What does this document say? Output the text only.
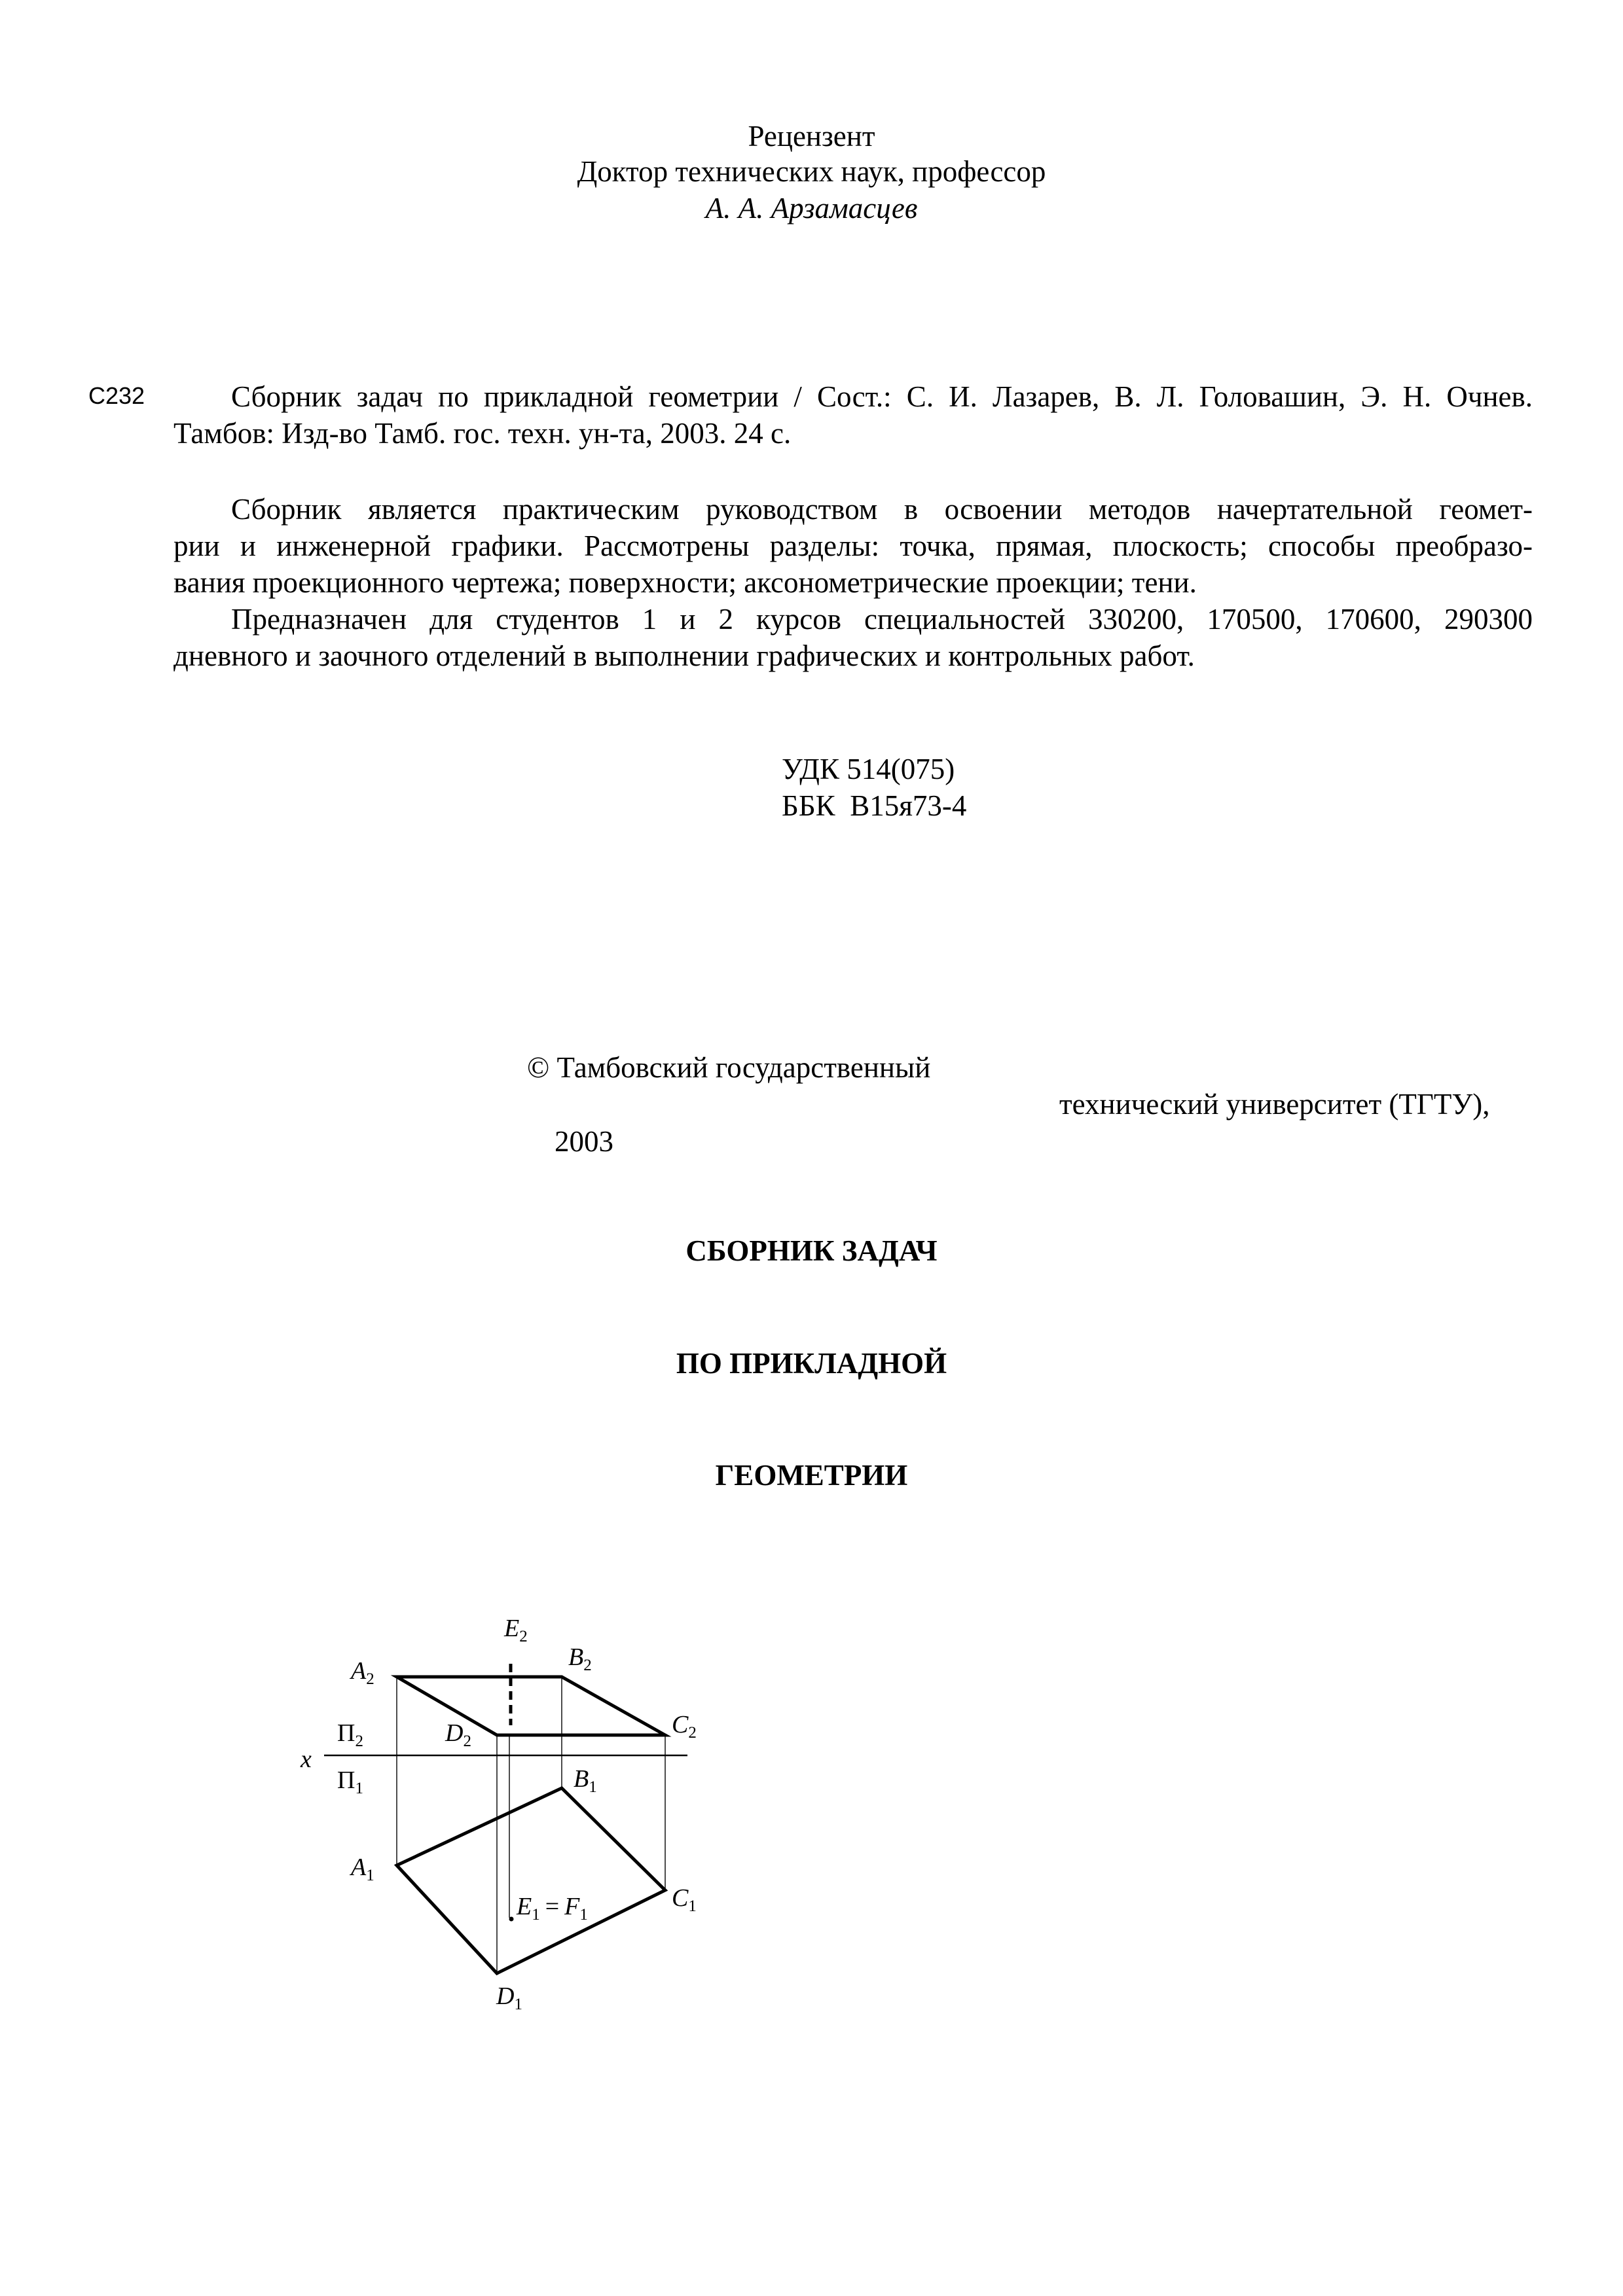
Рецензент
Доктор технических наук, профессор
А. А. Арзамасцев
С232	Сборник задач по прикладной геометрии / Сост.: С. И. Лазарев, В. Л. Головашин, Э. Н. Очнев.
Тамбов: Изд-во Тамб. гос. техн. ун-та, 2003. 24 с.
Сборник является практическим руководством в освоении методов начертательной геомет-
рии и инженерной графики. Рассмотрены разделы: точка, прямая, плоскость; способы преобразо-
вания проекционного чертежа; поверхности; аксонометрические проекции; тени.
Предназначен для студентов 1 и 2 курсов специальностей 330200, 170500, 170600, 290300
дневного и заочного отделений в выполнении графических и контрольных работ.
УДК 514(075)
ББК  В15я73-4
© Тамбовский государственный
технический университет (ТГТУ),
2003
СБОРНИК ЗАДАЧ
ПО ПРИКЛАДНОЙ
ГЕОМЕТРИИ
$A_2$
$B_2$
$C_2$
$D_2$
$E_2$
$A_1$
$B_1$
$C_1$
$D_1$
$E_1 = F_1$
x
$П_2$
$П_1$
